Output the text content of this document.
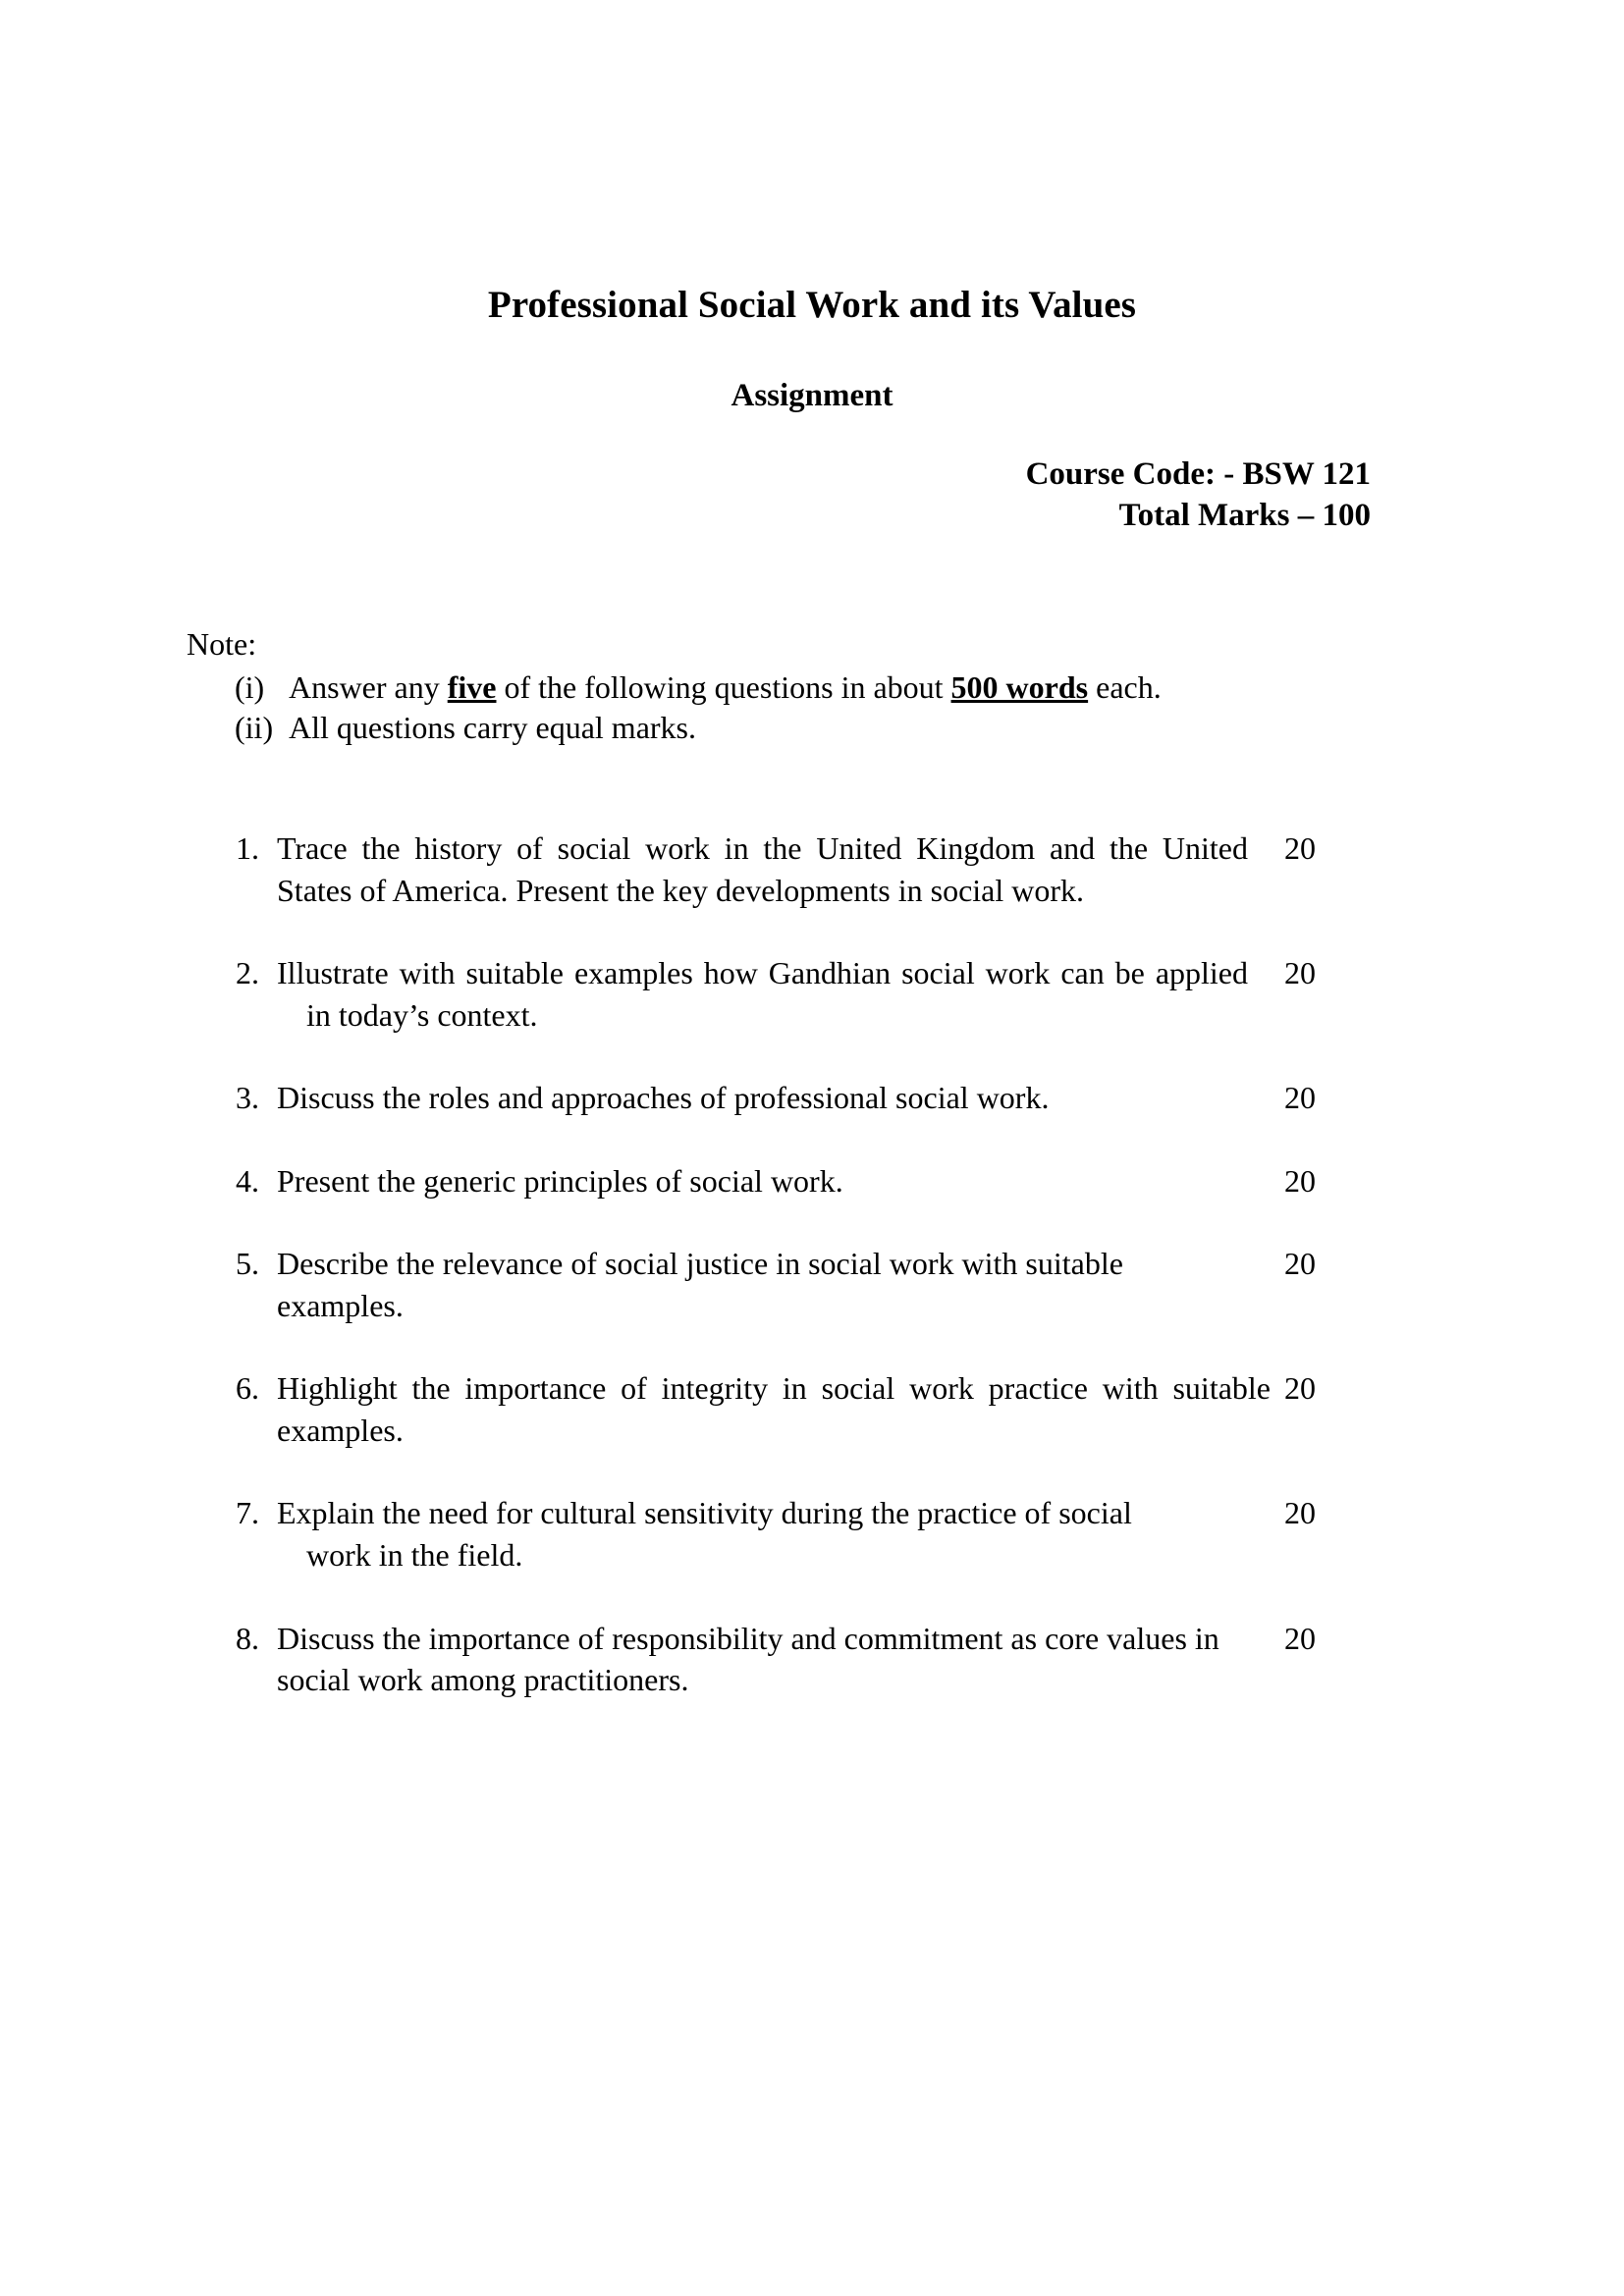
Professional Social Work and its Values
Assignment
Course Code: - BSW 121
Total Marks – 100
Note:
(i) Answer any five of the following questions in about 500 words each.
(ii) All questions carry equal marks.
1. Trace the history of social work in the United Kingdom and the United States of America. Present the key developments in social work.
20
2. Illustrate with suitable examples how Gandhian social work can be applied in today’s context.
20
3. Discuss the roles and approaches of professional social work.	20
4. Present the generic principles of social work.	20
5. Describe the relevance of social justice in social work with suitable examples.
20
6. Highlight the importance of integrity in social work practice with suitable examples.
20
7. Explain the need for cultural sensitivity during the practice of social work in the field.
20
8. Discuss the importance of responsibility and commitment as core values in social work among practitioners.
20
